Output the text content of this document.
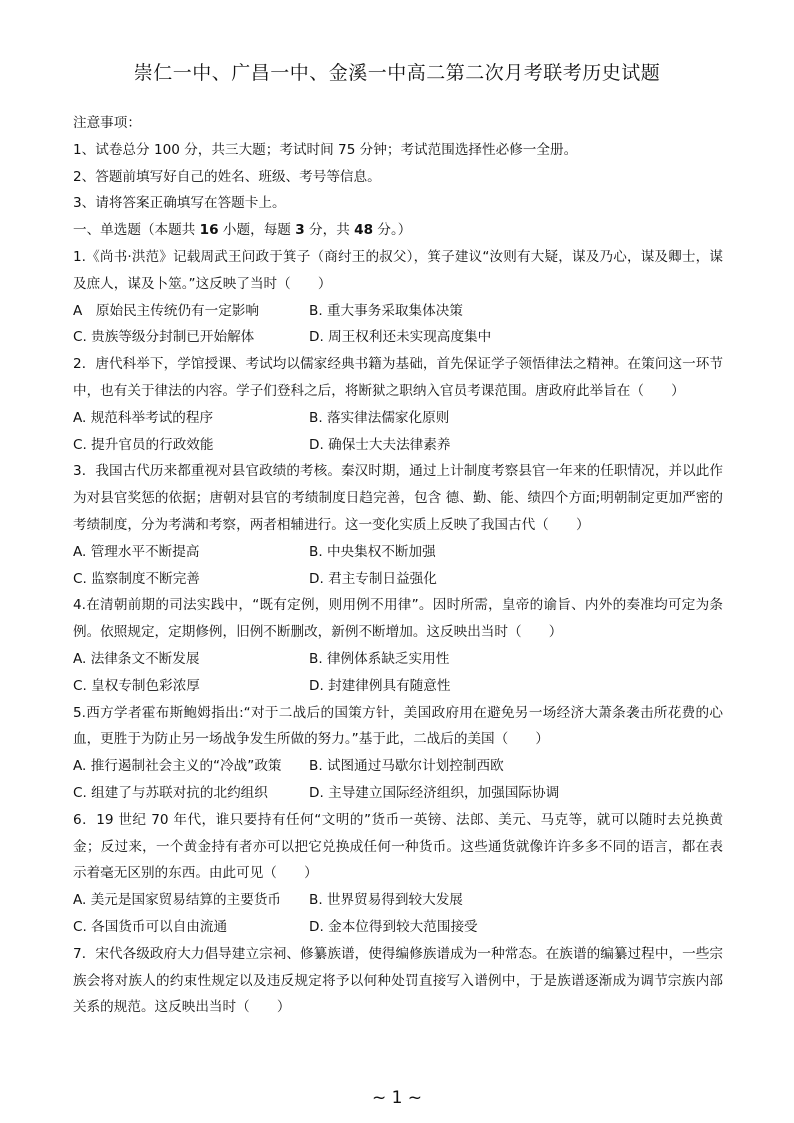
崇仁一中、广昌一中、金溪一中高二第二次月考联考历史试题
注意事项：
1、试卷总分 100 分，共三大题；考试时间 75 分钟；考试范围选择性必修一全册。
2、答题前填写好自己的姓名、班级、考号等信息。
3、请将答案正确填写在答题卡上。
一、单选题（本题共 16 小题，每题 3 分，共 48 分。）
1.《尚书·洪范》记载周武王问政于箕子（商纣王的叔父），箕子建议“汝则有大疑，谋及乃心，谋及卿士，谋及庶人，谋及卜筮。”这反映了当时（　　）
A　原始民主传统仍有一定影响	B. 重大事务采取集体决策
C. 贵族等级分封制已开始解体	D. 周王权利还未实现高度集中
2．唐代科举下，学馆授课、考试均以儒家经典书籍为基础，首先保证学子领悟律法之精神。在策问这一环节中，也有关于律法的内容。学子们登科之后，将断狱之职纳入官员考课范围。唐政府此举旨在（　　）
A. 规范科举考试的程序	B. 落实律法儒家化原则
C. 提升官员的行政效能	D. 确保士大夫法律素养
3．我国古代历来都重视对县官政绩的考核。秦汉时期，通过上计制度考察县官一年来的任职情况，并以此作为对县官奖惩的依据；唐朝对县官的考绩制度日趋完善，包含 德、勤、能、绩四个方面;明朝制定更加严密的考绩制度，分为考满和考察，两者相辅进行。这一变化实质上反映了我国古代（　　）
A. 管理水平不断提高	B. 中央集权不断加强
C. 监察制度不断完善	D. 君主专制日益强化
4.在清朝前期的司法实践中，“既有定例，则用例不用律”。因时所需，皇帝的谕旨、内外的奏准均可定为条例。依照规定，定期修例，旧例不断删改，新例不断增加。这反映出当时（　　）
A. 法律条文不断发展	B. 律例体系缺乏实用性
C. 皇权专制色彩浓厚	D. 封建律例具有随意性
5.西方学者霍布斯鲍姆指出:“对于二战后的国策方针，美国政府用在避免另一场经济大萧条袭击所花费的心血，更胜于为防止另一场战争发生所做的努力。”基于此，二战后的美国（　　）
A. 推行遏制社会主义的“冷战”政策	B. 试图通过马歇尔计划控制西欧
C. 组建了与苏联对抗的北约组织	D. 主导建立国际经济组织，加强国际协调
6．19 世纪 70 年代，谁只要持有任何“文明的”货币一英镑、法郎、美元、马克等，就可以随时去兑换黄金；反过来，一个黄金持有者亦可以把它兑换成任何一种货币。这些通货就像许许多多不同的语言，都在表示着毫无区别的东西。由此可见（　　）
A. 美元是国家贸易结算的主要货币	B. 世界贸易得到较大发展
C. 各国货币可以自由流通	D. 金本位得到较大范围接受
7．宋代各级政府大力倡导建立宗祠、修纂族谱，使得编修族谱成为一种常态。在族谱的编纂过程中，一些宗族会将对族人的约束性规定以及违反规定将予以何种处罚直接写入谱例中，于是族谱逐渐成为调节宗族内部关系的规范。这反映出当时（　　）
~ 1 ~
